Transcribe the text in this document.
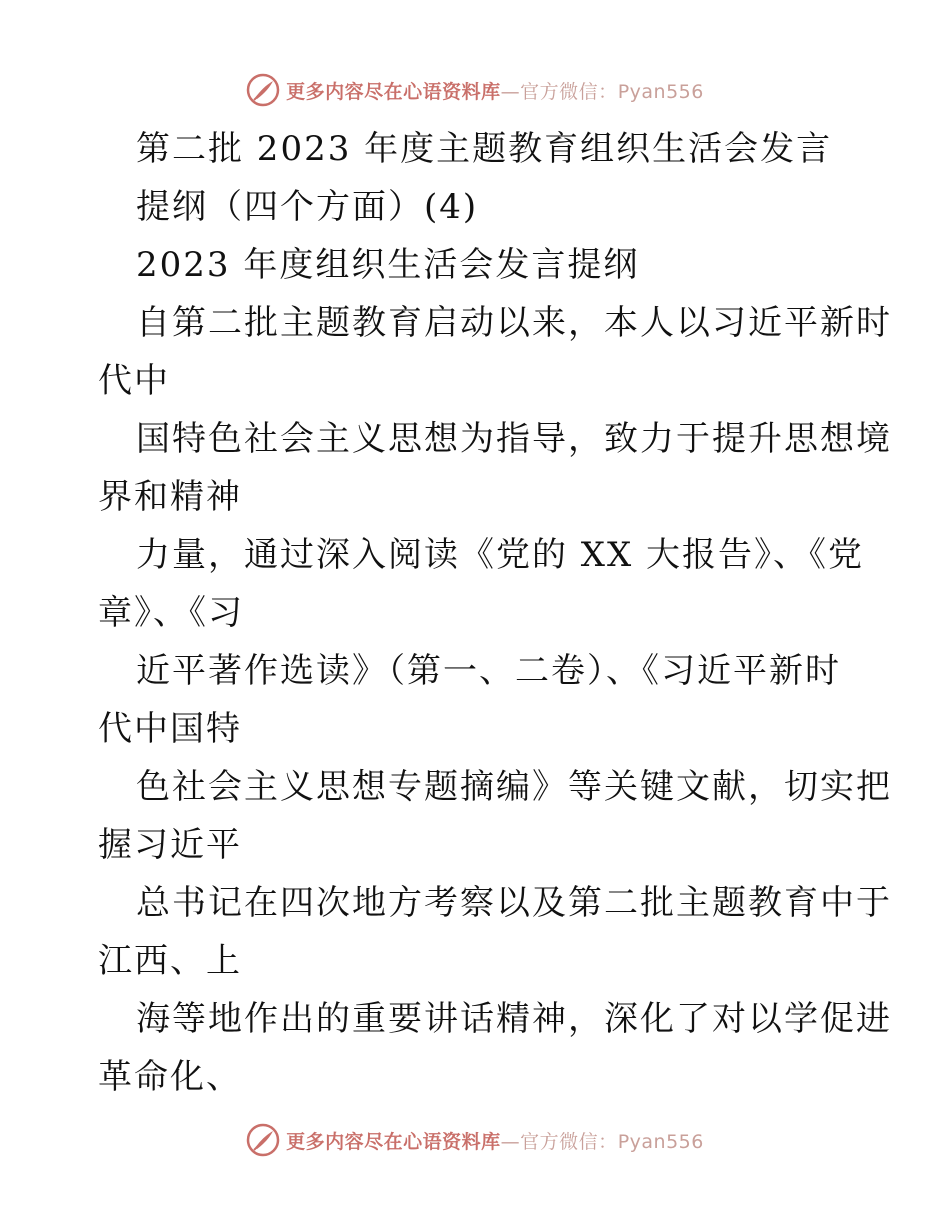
更多内容尽在心语资料库—官方微信：Pyan556
第二批 2023 年度主题教育组织生活会发言
提纲（四个方面）(4)
2023 年度组织生活会发言提纲
自第二批主题教育启动以来，本人以习近平新时
代中
国特色社会主义思想为指导，致力于提升思想境
界和精神
力量，通过深入阅读《党的 XX 大报告》、《党
章》、《习
近平著作选读》（第一、二卷）、《习近平新时
代中国特
色社会主义思想专题摘编》等关键文献，切实把
握习近平
总书记在四次地方考察以及第二批主题教育中于
江西、上
海等地作出的重要讲话精神，深化了对以学促进
革命化、
更多内容尽在心语资料库—官方微信：Pyan556
